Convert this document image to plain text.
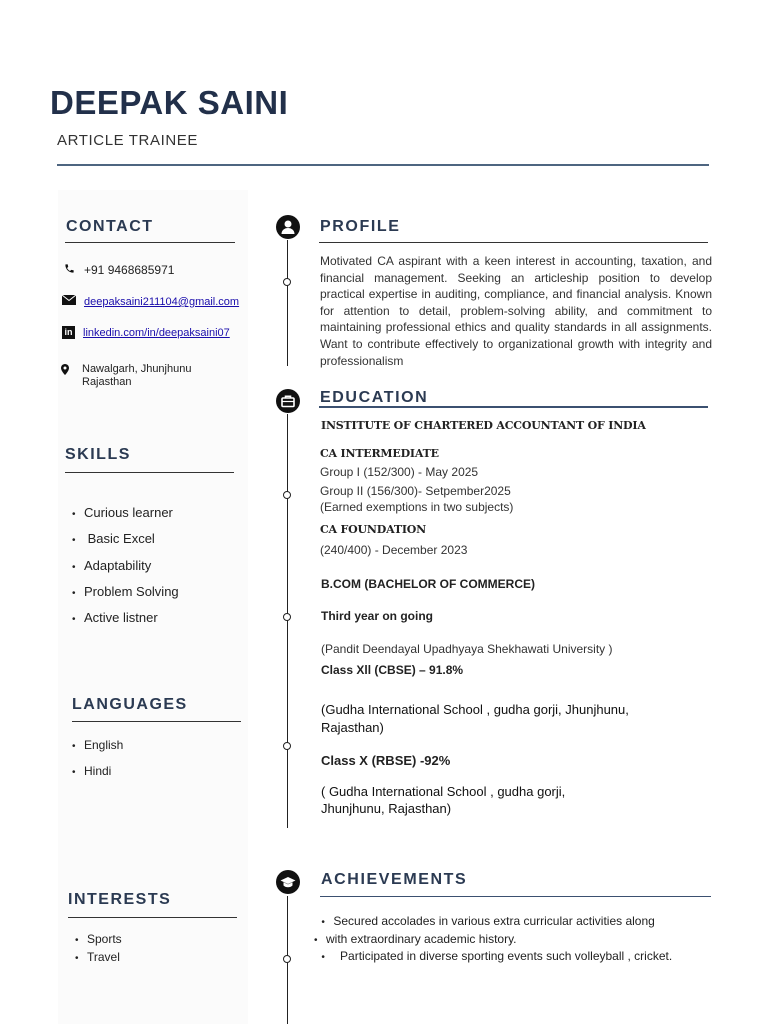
DEEPAK SAINI
ARTICLE TRAINEE
CONTACT
+91 9468685971
deepaksaini211104@gmail.com
in linkedin.com/in/deepaksaini07
Nawalgarh, Jhunjhunu
Rajasthan
SKILLS
• Curious learner
• Basic Excel
• Adaptability
• Problem Solving
• Active listner
LANGUAGES
• English
• Hindi
INTERESTS
• Sports
• Travel
PROFILE

Motivated CA aspirant with a keen interest in accounting, taxation, and financial management. Seeking an articleship position to develop practical expertise in auditing, compliance, and financial analysis. Known for attention to detail, problem-solving ability, and commitment to maintaining professional ethics and quality standards in all assignments. Want to contribute effectively to organizational growth with integrity and professionalism

EDUCATION
INSTITUTE OF CHARTERED ACCOUNTANT OF INDIA
CA INTERMEDIATE
Group I (152/300) - May 2025
Group II (156/300)- Setpember2025
(Earned exemptions in two subjects)
CA FOUNDATION
(240/400) - December 2023
B.COM (BACHELOR OF COMMERCE)
Third year on going
(Pandit Deendayal Upadhyaya Shekhawati University )
Class Xll (CBSE) – 91.8%
(Gudha International School , gudha gorji, Jhunjhunu,
Rajasthan)
Class X (RBSE) -92%
( Gudha International School , gudha gorji,
Jhunjhunu, Rajasthan)
ACHIEVEMENTS
• Secured accolades in various extra curricular activities along
• with extraordinary academic history.
• Participated in diverse sporting events such volleyball , cricket.
